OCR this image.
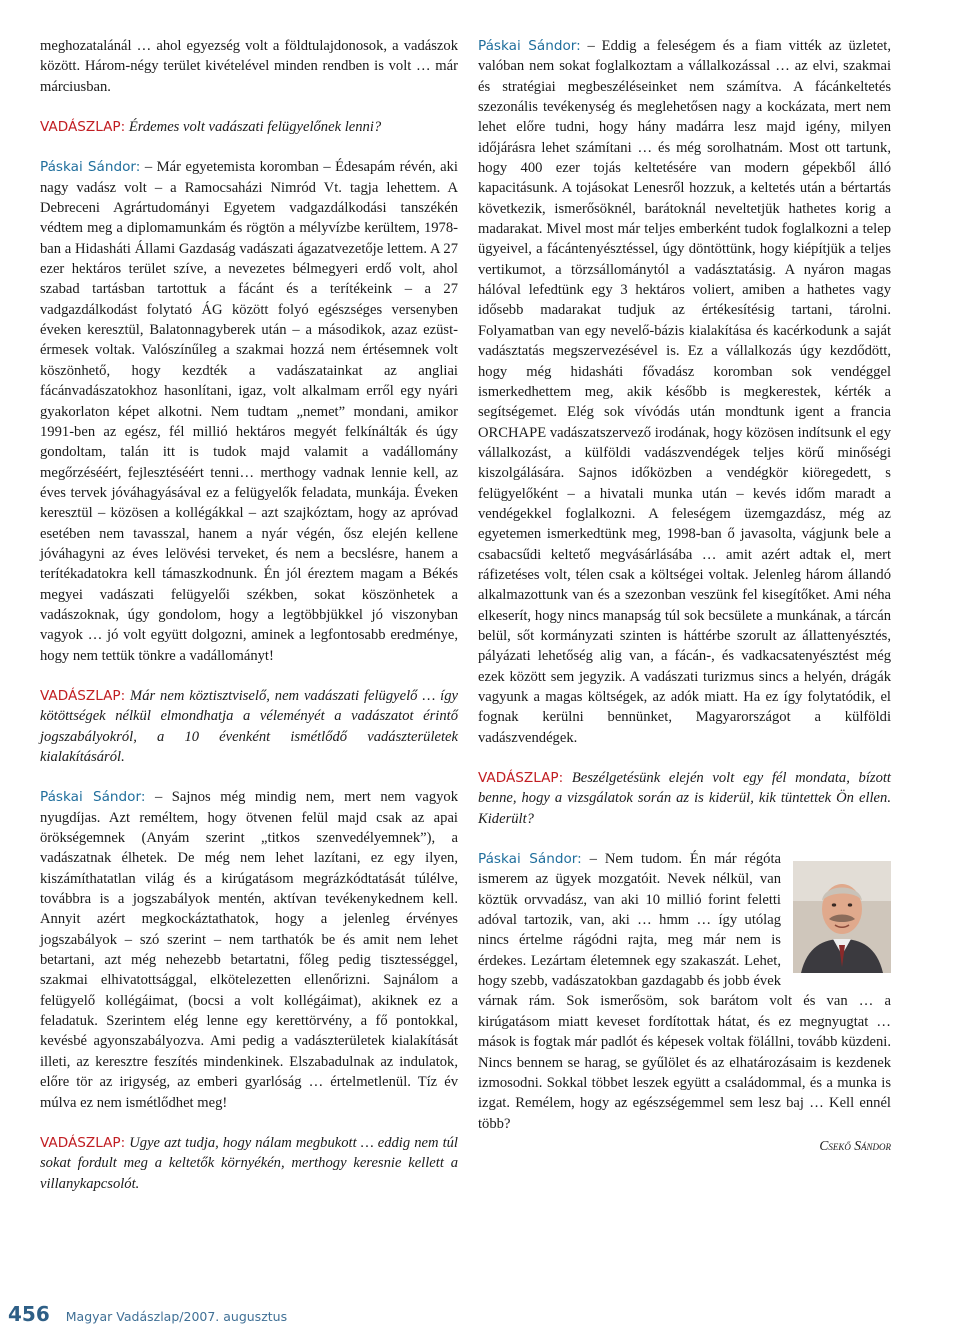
meghozatalánál … ahol egyezség volt a földtulajdonosok, a vadászok között. Három-négy terület kivételével minden rendben is volt … már márciusban.

VADÁSZLAP: Érdemes volt vadászati felügyelőnek lenni?

Páskai Sándor: – Már egyetemista koromban – Édesapám révén, aki nagy vadász volt – a Ramocsaházi Nimród Vt. tagja lehettem. A Debreceni Agrártudományi Egyetem vadgazdálkodási tanszékén védtem meg a diplomamunkám és rögtön a mélyvízbe kerültem, 1978-ban a Hidasháti Állami Gazdaság vadászati ágazatvezetője lettem. A 27 ezer hektáros terület szíve, a nevezetes bélmegyeri erdő volt, ahol szabad tartásban tartottuk a fácánt és a terítékeink – a 27 vadgazdálkodást folytató ÁG között folyó egészséges versenyben éveken keresztül, Balatonnagyberek után – a másodikok, azaz ezüst-érmesek voltak. Valószínűleg a szakmai hozzá nem értésemnek volt köszönhető, hogy kezdték a vadászatainkat az angliai fácánvadászatokhoz hasonlítani, igaz, volt alkalmam erről egy nyári gyakorlaton képet alkotni. Nem tudtam „nemet” mondani, amikor 1991-ben az egész, fél millió hektáros megyét felkínálták és úgy gondoltam, talán itt is tudok majd valamit a vadállomány megőrzéséért, fejlesztéséért tenni… merthogy vadnak lennie kell, az éves tervek jóváhagyásával ez a felügyelők feladata, munkája. Éveken keresztül – közösen a kollégákkal – azt szajkóztam, hogy az apróvad esetében nem tavasszal, hanem a nyár végén, ősz elején kellene jóváhagyni az éves lelövési terveket, és nem a becslésre, hanem a terítékadatokra kell támaszkodnunk. Én jól éreztem magam a Békés megyei vadászati felügyelői székben, sokat köszönhetek a vadászoknak, úgy gondolom, hogy a legtöbbjükkel jó viszonyban vagyok … jó volt együtt dolgozni, aminek a legfontosabb eredménye, hogy nem tettük tönkre a vadállományt!

VADÁSZLAP: Már nem köztisztviselő, nem vadászati felügyelő … így kötöttségek nélkül elmondhatja a véleményét a vadászatot érintő jogszabályokról, a 10 évenként ismétlődő vadászterületek kialakításáról.

Páskai Sándor: – Sajnos még mindig nem, mert nem vagyok nyugdíjas. Azt reméltem, hogy ötvenen felül majd csak az apai örökségemnek (Anyám szerint „titkos szenvedélyemnek”), a vadászatnak élhetek. De még nem lehet lazítani, ez egy ilyen, kiszámíthatatlan világ és a kirúgatásom megrázkódtatását túlélve, továbbra is a jogszabályok mentén, aktívan tevékenykednem kell. Annyit azért megkockáztathatok, hogy a jelenleg érvényes jogszabályok – szó szerint – nem tarthatók be és amit nem lehet betartani, azt még nehezebb betartatni, főleg pedig tisztességgel, szakmai elhivatottsággal, elkötelezetten ellenőrizni. Sajnálom a felügyelő kollégáimat, (bocsi a volt kollégáimat), akiknek ez a feladatuk. Szerintem elég lenne egy kerettörvény, a fő pontokkal, kevésbé agyonszabályozva. Ami pedig a vadászterületek kialakítását illeti, az keresztre feszítés mindenkinek. Elszabadulnak az indulatok, előre tör az irigység, az emberi gyarlóság … értelmetlenül. Tíz év múlva ez nem ismétlődhet meg!

VADÁSZLAP: Ugye azt tudja, hogy nálam megbukott … eddig nem túl sokat fordult meg a keltetők környékén, merthogy keresnie kellett a villanykapcsolót.

Páskai Sándor: – Eddig a feleségem és a fiam vitték az üzletet, valóban nem sokat foglalkoztam a vállalkozással … az elvi, szakmai és stratégiai megbeszéléseinket nem számítva. A fácánkeltetés szezonális tevékenység és meglehetősen nagy a kockázata, mert nem lehet előre tudni, hogy hány madárra lesz majd igény, milyen időjárásra lehet számítani … és még sorolhatnám. Most ott tartunk, hogy 400 ezer tojás keltetésére van modern gépekből álló kapacitásunk. A tojásokat Lenesről hozzuk, a keltetés után a bértartás következik, ismerősöknél, barátoknál neveltetjük hathetes korig a madarakat. Mivel most már teljes emberként tudok foglalkozni a telep ügyeivel, a fácántenyésztéssel, úgy döntöttünk, hogy kiépítjük a teljes vertikumot, a törzsállománytól a vadásztatásig. A nyáron magas hálóval lefedtünk egy 3 hektáros voliert, amiben a hathetes vagy idősebb madarakat tudjuk az értékesítésig tartani, tárolni. Folyamatban van egy nevelő-bázis kialakítása és kacérkodunk a saját vadásztatás megszervezésével is. Ez a vállalkozás úgy kezdődött, hogy még hidasháti fővadász koromban sok vendéggel ismerkedhettem meg, akik később is megkerestek, kérték a segítségemet. Elég sok vívódás után mondtunk igent a francia ORCHAPE vadászatszervező irodának, hogy közösen indítsunk el egy vállalkozást, a külföldi vadászvendégek teljes körű minőségi kiszolgálására. Sajnos időközben a vendégkör kiöregedett, s felügyelőként – a hivatali munka után – kevés időm maradt a vendégekkel foglalkozni. A feleségem üzemgazdász, még az egyetemen ismerkedtünk meg, 1998-ban ő javasolta, vágjunk bele a csabacsűdi keltető megvásárlásába … amit azért adtak el, mert ráfizetéses volt, télen csak a költségei voltak. Jelenleg három állandó alkalmazottunk van és a szezonban veszünk fel kisegítőket. Ami néha elkeserít, hogy nincs manapság túl sok becsülete a munkának, a tárcán belül, sőt kormányzati szinten is háttérbe szorult az állattenyésztés, pályázati lehetőség alig van, a fácán-, és vadkacsatenyésztést még ezek között sem jegyzik. A vadászati turizmus sincs a helyén, drágák vagyunk a magas költségek, az adók miatt. Ha ez így folytatódik, el fognak kerülni bennünket, Magyarországot a külföldi vadászvendégek.

VADÁSZLAP: Beszélgetésünk elején volt egy fél mondata, bízott benne, hogy a vizsgálatok során az is kiderül, kik tüntettek Ön ellen. Kiderült?

Páskai Sándor: – Nem tudom. Én már régóta ismerem az ügyek mozgatóit. Nevek nélkül, van köztük orvvadász, van aki 10 millió forint feletti adóval tartozik, van, aki … hmm … így utólag nincs értelme rágódni rajta, meg már nem is érdekes. Lezártam életemnek egy szakaszát. Lehet, hogy szebb, vadászatokban gazdagabb és jobb évek várnak rám. Sok ismerősöm, sok barátom volt és van … a kirúgatásom miatt keveset fordítottak hátat, és ez megnyugtat … mások is fogtak már padlót és képesek voltak fölállni, tovább küzdeni. Nincs bennem se harag, se gyűlölet és az elhatározásaim is kezdenek izmosodni. Sokkal többet leszek együtt a családommal, és a munka is izgat. Remélem, hogy az egészségemmel sem lesz baj … Kell ennél több?

Csekő Sándor
456 Magyar Vadászlap/2007. augusztus
